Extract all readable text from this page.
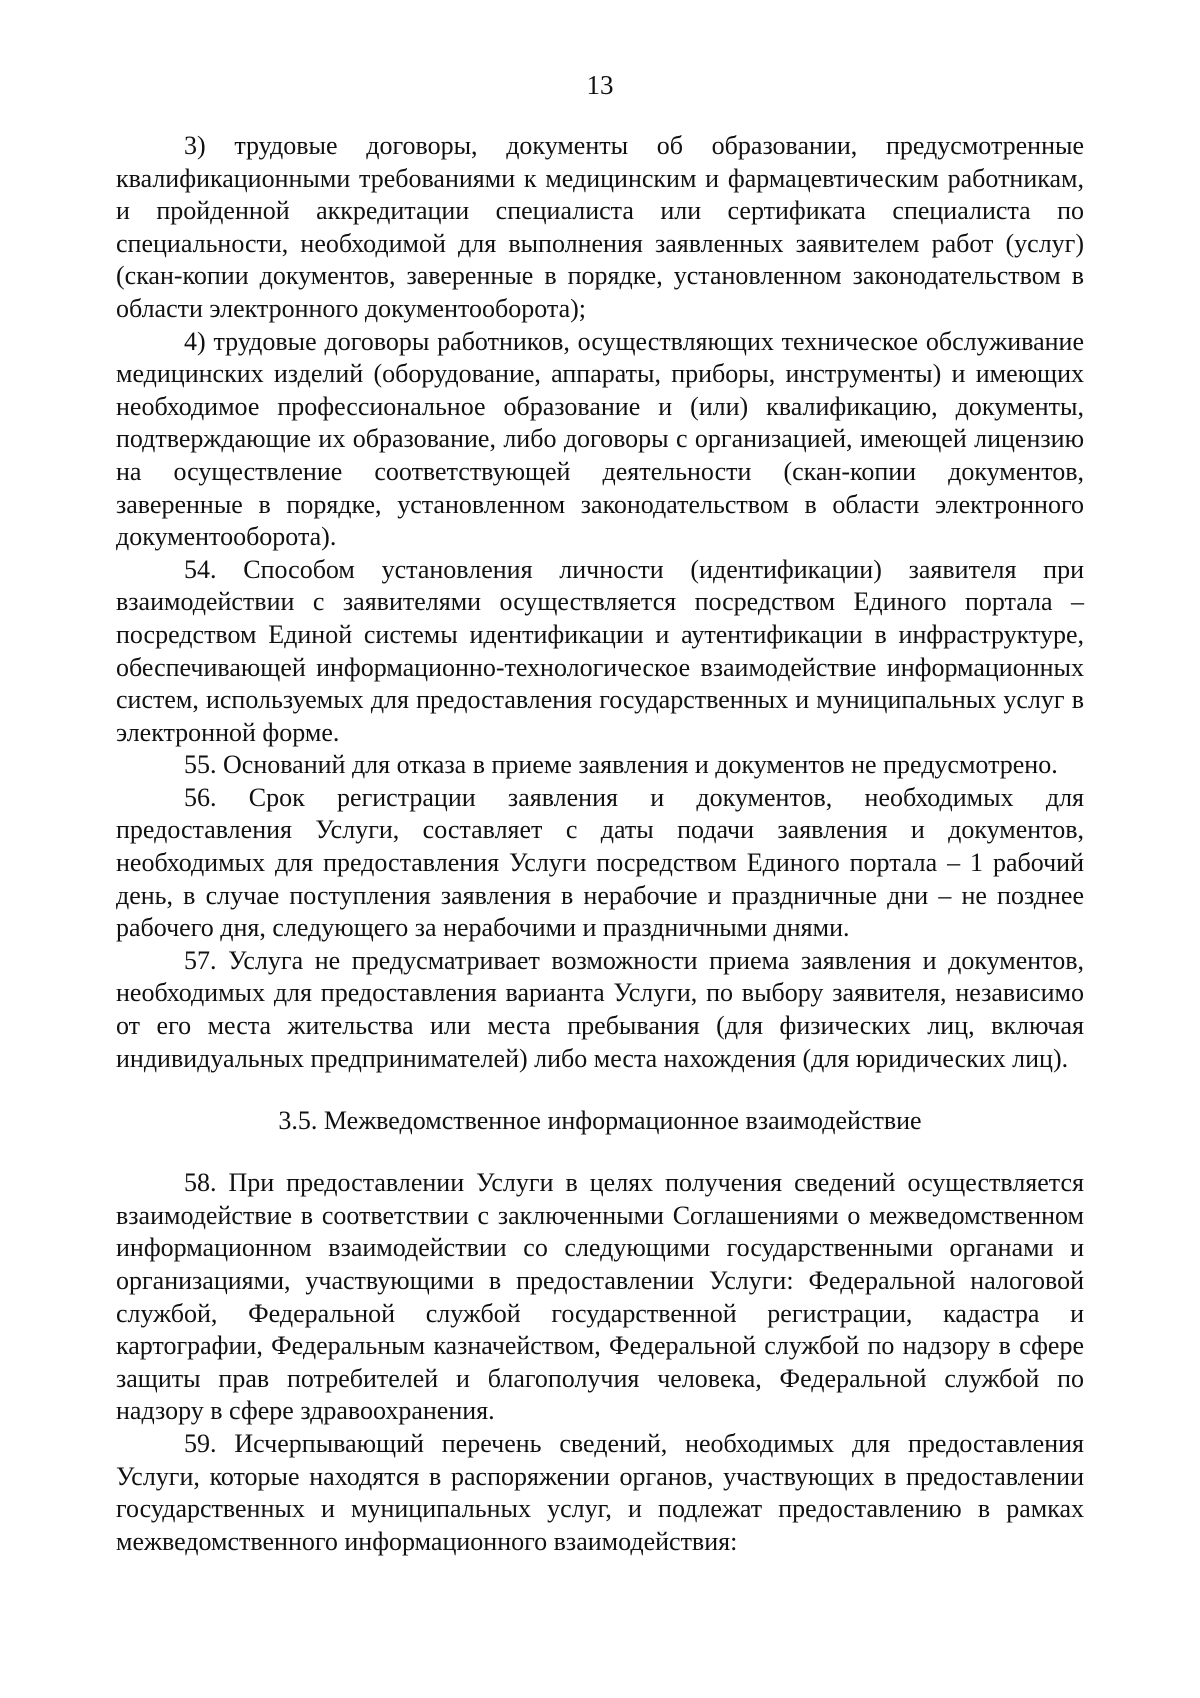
13

3) трудовые договоры, документы об образовании, предусмотренные квалификационными требованиями к медицинским и фармацевтическим работникам, и пройденной аккредитации специалиста или сертификата специалиста по специальности, необходимой для выполнения заявленных заявителем работ (услуг) (скан-копии документов, заверенные в порядке, установленном законодательством в области электронного документооборота);

4) трудовые договоры работников, осуществляющих техническое обслуживание медицинских изделий (оборудование, аппараты, приборы, инструменты) и имеющих необходимое профессиональное образование и (или) квалификацию, документы, подтверждающие их образование, либо договоры с организацией, имеющей лицензию на осуществление соответствующей деятельности (скан-копии документов, заверенные в порядке, установленном законодательством в области электронного документооборота).

54. Способом установления личности (идентификации) заявителя при взаимодействии с заявителями осуществляется посредством Единого портала – посредством Единой системы идентификации и аутентификации в инфраструктуре, обеспечивающей информационно-технологическое взаимодействие информационных систем, используемых для предоставления государственных и муниципальных услуг в электронной форме.

55. Оснований для отказа в приеме заявления и документов не предусмотрено.

56. Срок регистрации заявления и документов, необходимых для предоставления Услуги, составляет с даты подачи заявления и документов, необходимых для предоставления Услуги посредством Единого портала – 1 рабочий день, в случае поступления заявления в нерабочие и праздничные дни – не позднее рабочего дня, следующего за нерабочими и праздничными днями.

57. Услуга не предусматривает возможности приема заявления и документов, необходимых для предоставления варианта Услуги, по выбору заявителя, независимо от его места жительства или места пребывания (для физических лиц, включая индивидуальных предпринимателей) либо места нахождения (для юридических лиц).

3.5. Межведомственное информационное взаимодействие

58. При предоставлении Услуги в целях получения сведений осуществляется взаимодействие в соответствии с заключенными Соглашениями о межведомственном информационном взаимодействии со следующими государственными органами и организациями, участвующими в предоставлении Услуги: Федеральной налоговой службой, Федеральной службой государственной регистрации, кадастра и картографии, Федеральным казначейством, Федеральной службой по надзору в сфере защиты прав потребителей и благополучия человека, Федеральной службой по надзору в сфере здравоохранения.

59. Исчерпывающий перечень сведений, необходимых для предоставления Услуги, которые находятся в распоряжении органов, участвующих в предоставлении государственных и муниципальных услуг, и подлежат предоставлению в рамках межведомственного информационного взаимодействия:
